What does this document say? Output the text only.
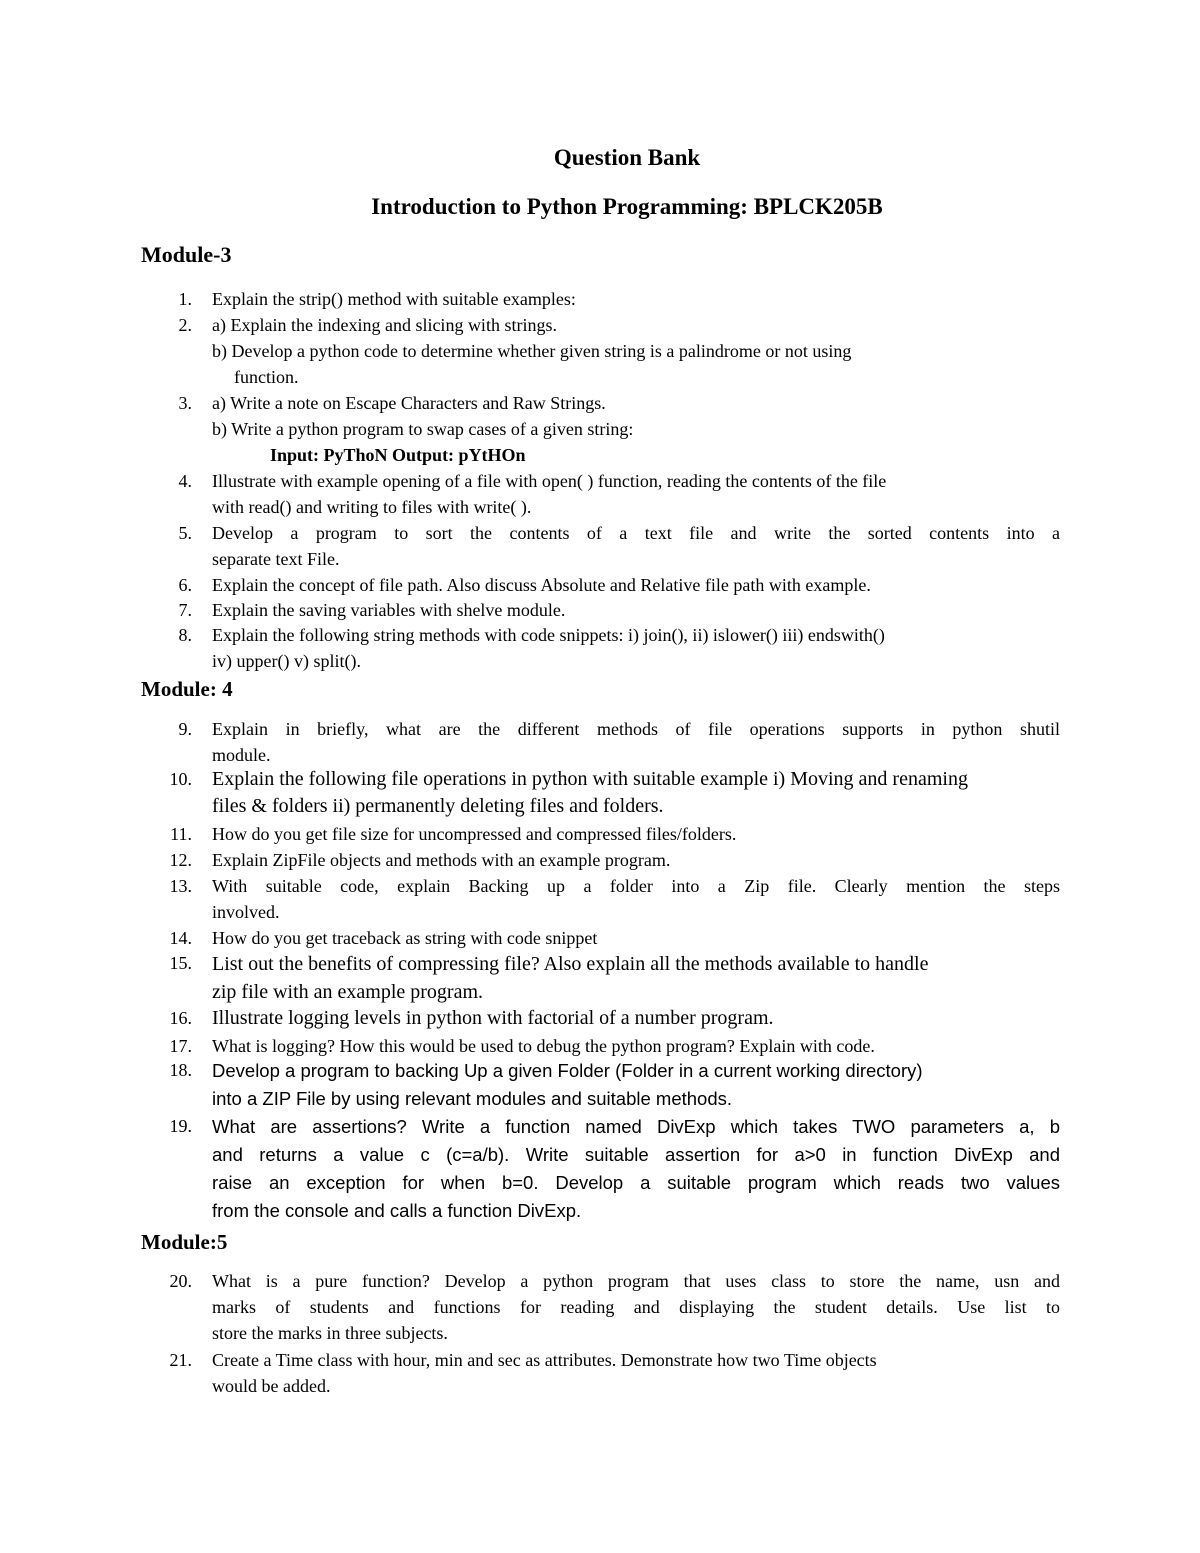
Question Bank
Introduction to Python Programming: BPLCK205B
Module-3
1. Explain the strip() method with suitable examples:
2. a) Explain the indexing and slicing with strings.
b) Develop a python code to determine whether given string is a palindrome or not using
function.
3. a) Write a note on Escape Characters and Raw Strings.
b) Write a python program to swap cases of a given string:
Input: PyThoN Output: pYtHOn
4. Illustrate with example opening of a file with open( ) function, reading the contents of the file
with read() and writing to files with write( ).
5. Develop a program to sort the contents of a text file and write the sorted contents into a
separate text File.
6. Explain the concept of file path. Also discuss Absolute and Relative file path with example.
7. Explain the saving variables with shelve module.
8. Explain the following string methods with code snippets: i) join(), ii) islower() iii) endswith()
iv) upper() v) split().
Module: 4
9. Explain in briefly, what are the different methods of file operations supports in python shutil
module.
10. Explain the following file operations in python with suitable example i) Moving and renaming
files & folders ii) permanently deleting files and folders.
11. How do you get file size for uncompressed and compressed files/folders.
12. Explain ZipFile objects and methods with an example program.
13. With suitable code, explain Backing up a folder into a Zip file. Clearly mention the steps
involved.
14. How do you get traceback as string with code snippet
15. List out the benefits of compressing file? Also explain all the methods available to handle
zip file with an example program.
16. Illustrate logging levels in python with factorial of a number program.
17. What is logging? How this would be used to debug the python program? Explain with code.
18. Develop a program to backing Up a given Folder (Folder in a current working directory)
into a ZIP File by using relevant modules and suitable methods.
19. What are assertions? Write a function named DivExp which takes TWO parameters a, b
and returns a value c (c=a/b). Write suitable assertion for a>0 in function DivExp and
raise an exception for when b=0. Develop a suitable program which reads two values
from the console and calls a function DivExp.
Module:5
20. What is a pure function? Develop a python program that uses class to store the name, usn and
marks of students and functions for reading and displaying the student details. Use list to
store the marks in three subjects.
21. Create a Time class with hour, min and sec as attributes. Demonstrate how two Time objects
would be added.
